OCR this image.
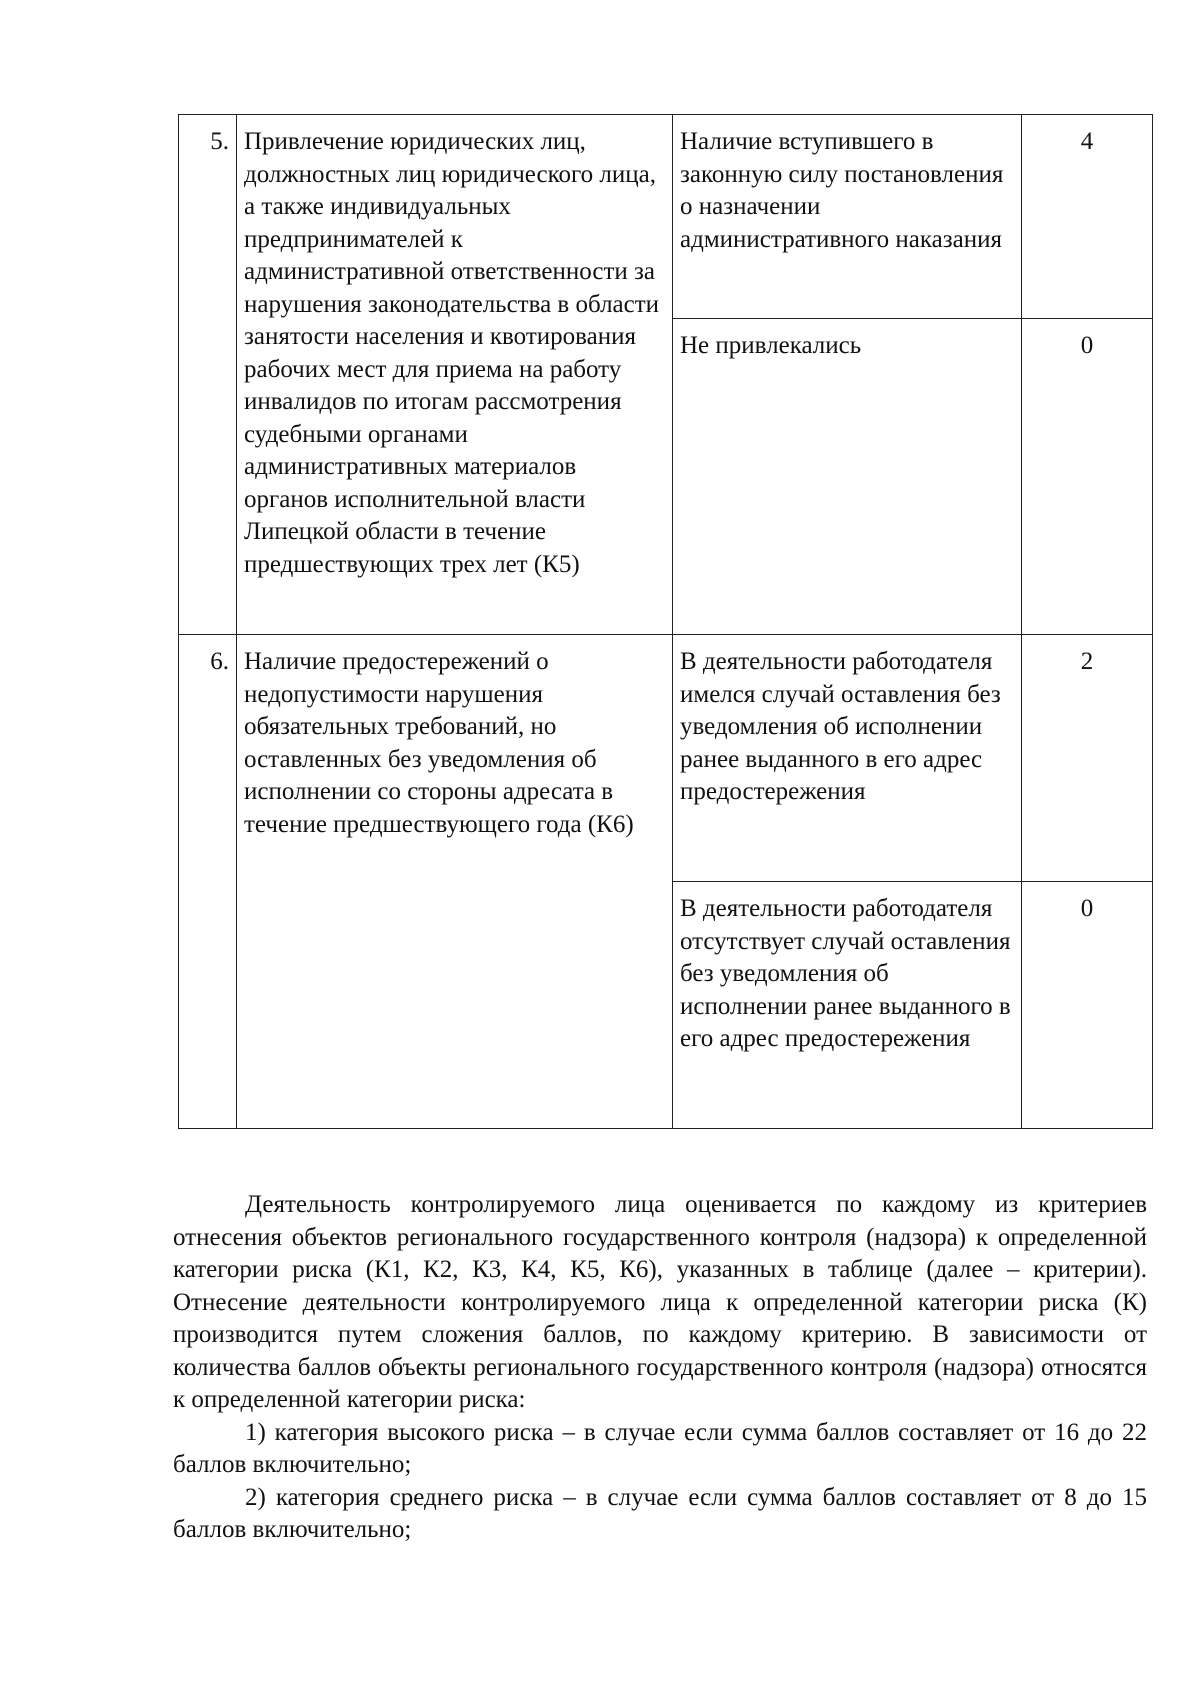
5.	Привлечение юридических лиц, должностных лиц юридического лица, а также индивидуальных предпринимателей к административной ответственности за нарушения законодательства в области занятости населения и квотирования рабочих мест для приема на работу инвалидов по итогам рассмотрения судебными органами административных материалов органов исполнительной власти Липецкой области в течение предшествующих трех лет (К5)	Наличие вступившего в законную силу постановления о назначении административного наказания	4
		Не привлекались	0
6.	Наличие предостережений о недопустимости нарушения обязательных требований, но оставленных без уведомления об исполнении со стороны адресата в течение предшествующего года (К6)	В деятельности работодателя имелся случай оставления без уведомления об исполнении ранее выданного в его адрес предостережения	2
		В деятельности работодателя отсутствует случай оставления без уведомления об исполнении ранее выданного в его адрес предостережения	0

Деятельность контролируемого лица оценивается по каждому из критериев отнесения объектов регионального государственного контроля (надзора) к определенной категории риска (К1, К2, К3, К4, К5, К6), указанных в таблице (далее – критерии). Отнесение деятельности контролируемого лица к определенной категории риска (К) производится путем сложения баллов, по каждому критерию. В зависимости от количества баллов объекты регионального государственного контроля (надзора) относятся к определенной категории риска:

1) категория высокого риска – в случае если сумма баллов составляет от 16 до 22 баллов включительно;

2) категория среднего риска – в случае если сумма баллов составляет от 8 до 15 баллов включительно;
